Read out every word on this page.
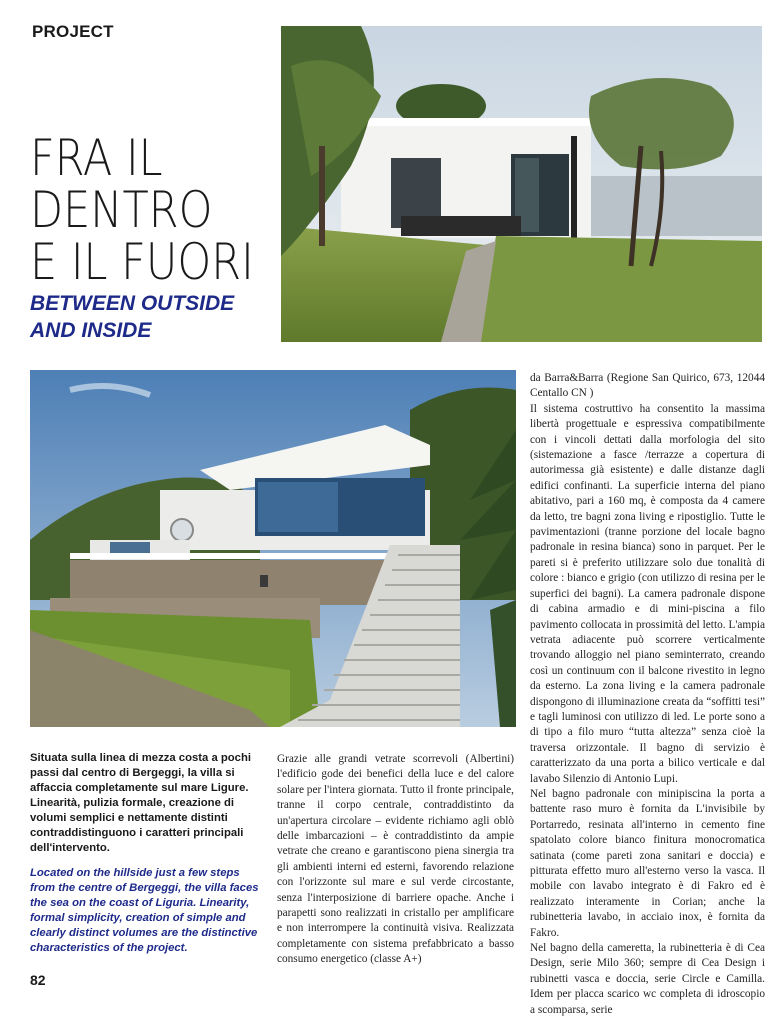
PROJECT
FRA IL
DENTRO
E IL FUORI
BETWEEN OUTSIDE
AND INSIDE
Situata sulla linea di mezza costa a pochi passi dal centro di Bergeggi, la villa si affaccia completamente sul mare Ligure. Linearità, pulizia formale, creazione di volumi semplici e nettamente distinti contraddistinguono i caratteri principali dell'intervento.
Located on the hillside just a few steps from the centre of Bergeggi, the villa faces the sea on the coast of Liguria. Linearity, formal simplicity, creation of simple and clearly distinct volumes are the distinctive characteristics of the project.

Grazie alle grandi vetrate scorrevoli (Albertini) l'edificio gode dei benefici della luce e del calore solare per l'intera giornata. Tutto il fronte principale, tranne il corpo centrale, contraddistinto da un'apertura circolare – evidente richiamo agli oblò delle imbarcazioni – è contraddistinto da ampie vetrate che creano e garantiscono piena sinergia tra gli ambienti interni ed esterni, favorendo relazione con l'orizzonte sul mare e sul verde circostante, senza l'interposizione di barriere opache. Anche i parapetti sono realizzati in cristallo per amplificare e non interrompere la continuità visiva. Realizzata completamente con sistema prefabbricato a basso consumo energetico (classe A+)

da Barra&Barra (Regione San Quirico, 673, 12044 Centallo CN )

Il sistema costruttivo ha consentito la massima libertà progettuale e espressiva compatibilmente con i vincoli dettati dalla morfologia del sito (sistemazione a fasce /terrazze a copertura di autorimessa già esistente) e dalle distanze dagli edifici confinanti. La superficie interna del piano abitativo, pari a 160 mq, è composta da 4 camere da letto, tre bagni zona living e ripostiglio. Tutte le pavimentazioni (tranne porzione del locale bagno padronale in resina bianca) sono in parquet. Per le pareti si è preferito utilizzare solo due tonalità di colore : bianco e grigio (con utilizzo di resina per le superfici dei bagni). La camera padronale dispone di cabina armadio e di mini-piscina a filo pavimento collocata in prossimità del letto. L'ampia vetrata adiacente può scorrere verticalmente trovando alloggio nel piano seminterrato, creando così un continuum con il balcone rivestito in legno da esterno. La zona living e la camera padronale dispongono di illuminazione creata da “soffitti tesi” e tagli luminosi con utilizzo di led. Le porte sono a di tipo a filo muro “tutta altezza” senza cioè la traversa orizzontale. Il bagno di servizio è caratterizzato da una porta a bilico verticale e dal lavabo Silenzio di Antonio Lupi.

Nel bagno padronale con minipiscina la porta a battente raso muro è fornita da L'invisibile by Portarredo, resinata all'interno in cemento fine spatolato colore bianco finitura monocromatica satinata (come pareti zona sanitari e doccia) e pitturata effetto muro all'esterno verso la vasca. Il mobile con lavabo integrato è di Fakro ed è realizzato interamente in Corian; anche la rubinetteria lavabo, in acciaio inox, è fornita da Fakro.

Nel bagno della cameretta, la rubinetteria è di Cea Design, serie Milo 360; sempre di Cea Design i rubinetti vasca e doccia, serie Circle e Camilla. Idem per placca scarico wc completa di idroscopio a scomparsa, serie

82
